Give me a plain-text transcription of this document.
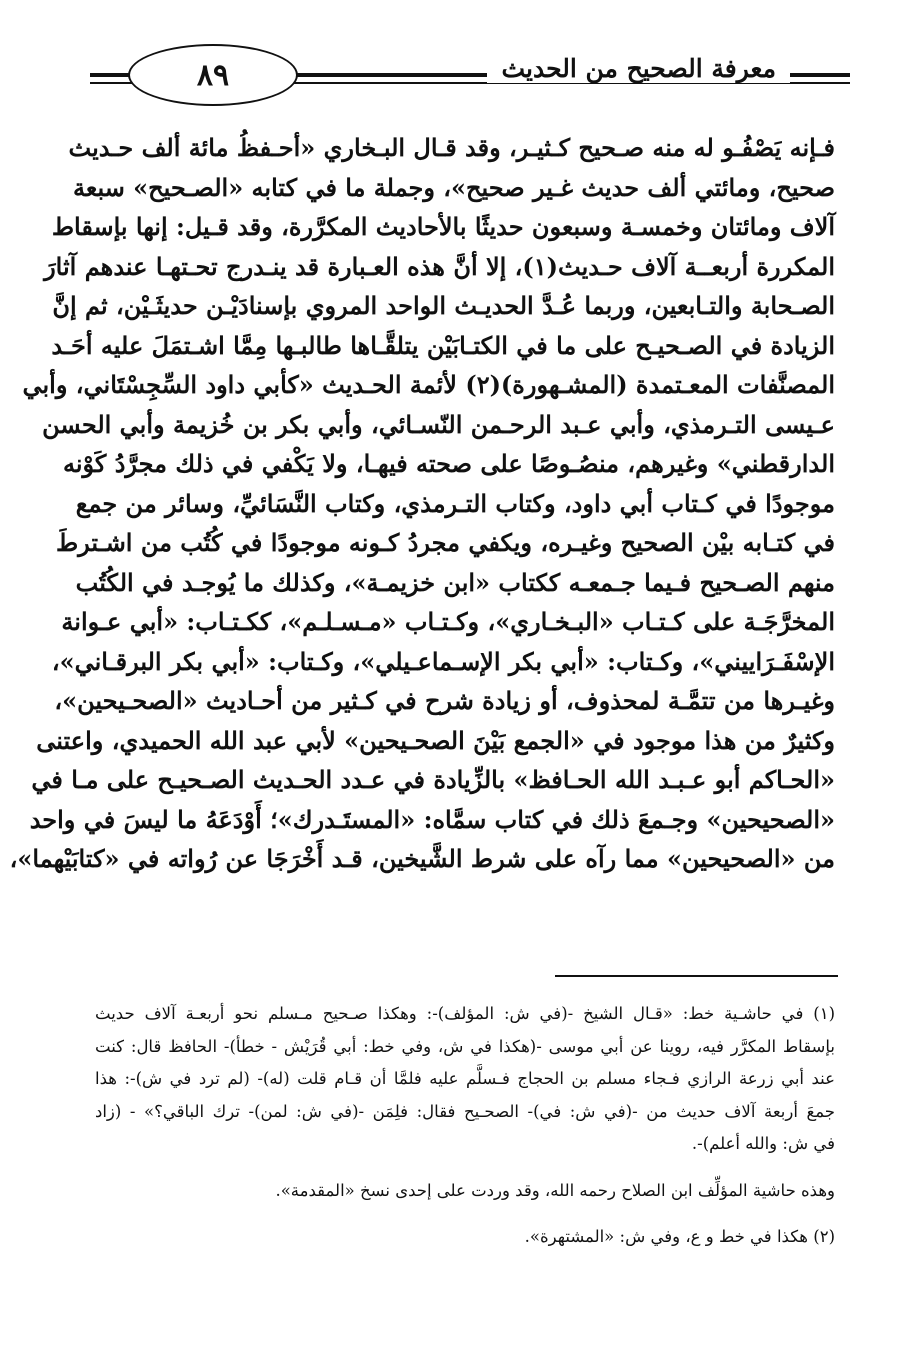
٨٩	معرفة الصحيح من الحديث
فـإنه يَصْفُـو له منه صـحيح كـثيـر، وقد قـال البـخاري «أحـفظُ مائة ألف حـديث
صحيح، ومائتي ألف حديث غـير صحيح»، وجملة ما في كتابه «الصـحيح» سبعة
آلاف ومائتان وخمسـة وسبعون حديثًا بالأحاديث المكرَّرة، وقد قـيل: إنها بإسقاط
المكررة أربعــة آلاف حـديث(١)، إلا أنَّ هذه العـبارة قد ينـدرج تحـتهـا عندهم آثارَ
الصـحابة والتـابعين، وربما عُـدَّ الحديـث الواحد المروي بإسنادَيْـن حديثَـيْن، ثم إنَّ
الزيادة في الصـحيـح على ما في الكتـابَيْن يتلقَّـاها طالبـها مِمَّا اشـتمَلَ عليه أحَـد
المصنَّفات المعـتمدة (المشـهورة)(٢) لأئمة الحـديث «كأبي داود السِّجِسْتَاني، وأبي
عـيسى التـرمذي، وأبي عـبد الرحـمن النّسـائي، وأبي بكر بن خُزيمة وأبي الحسن
الدارقطني» وغيرهم، منصُـوصًا على صحته فيهـا، ولا يَكْفي في ذلك مجرَّدُ كَوْنه
موجودًا في كـتاب أبي داود، وكتاب التـرمذي، وكتاب النَّسَائيِّ، وسائر من جمع
في كتـابه بيْن الصحيح وغيـره، ويكفي مجردُ كـونه موجودًا في كُتُب من اشـترطَ
منهم الصـحيح فـيما جـمعـه ككتاب «ابن خزيمـة»، وكذلك ما يُوجـد في الكُتُب
المخرَّجَـة على كـتـاب «البـخـاري»، وكـتـاب «مـسـلـم»، ككـتـاب: «أبي عـوانة
الإسْفَـرَاييني»، وكـتاب: «أبي بكر الإسـماعـيلي»، وكـتاب: «أبي بكر البرقـاني»،
وغيـرها من تتمَّـة لمحذوف، أو زيادة شرح في كـثير من أحـاديث «الصحـيحين»،
وكثيرٌ من هذا موجود في «الجمع بَيْنَ الصحـيحين» لأبي عبد الله الحميدي، واعتنى
«الحـاكم أبو عـبـد الله الحـافظ» بالزِّيادة في عـدد الحـديث الصـحيـح على مـا في
«الصحيحين» وجـمعَ ذلك في كتاب سمَّاه: «المستَـدرك»؛ أَوْدَعَهُ ما ليسَ في واحد
من «الصحيحين» مما رآه على شرط الشَّيخين، قـد أَخْرَجَا عن رُواته في «كتابَيْهما»،
(١) في حاشـية خط: «قـال الشيخ -(في ش: المؤلف)-: وهكذا صـحيح مـسلم نحو أربعـة آلاف حديث
بإسقاط المكرَّر فيه، روينا عن أبي موسى -(هكذا في ش، وفي خط: أبي قُرَيْش - خطأ)- الحافظ قال: كنت
عند أبي زرعة الرازي فـجاء مسلم بن الحجاج فـسلَّم عليه فلمَّا أن قـام قلت (له)- (لم ترد في ش)-: هذا
جمعَ أربعة آلاف حديث من -(في ش: في)- الصحـيح فقال: فلِمَن -(في ش: لمن)- ترك الباقي؟» - (زاد
في ش: والله أعلم)-.
وهذه حاشية المؤلِّف ابن الصلاح رحمه الله، وقد وردت على إحدى نسخ «المقدمة».
(٢) هكذا في خط و ع، وفي ش: «المشتهرة».
